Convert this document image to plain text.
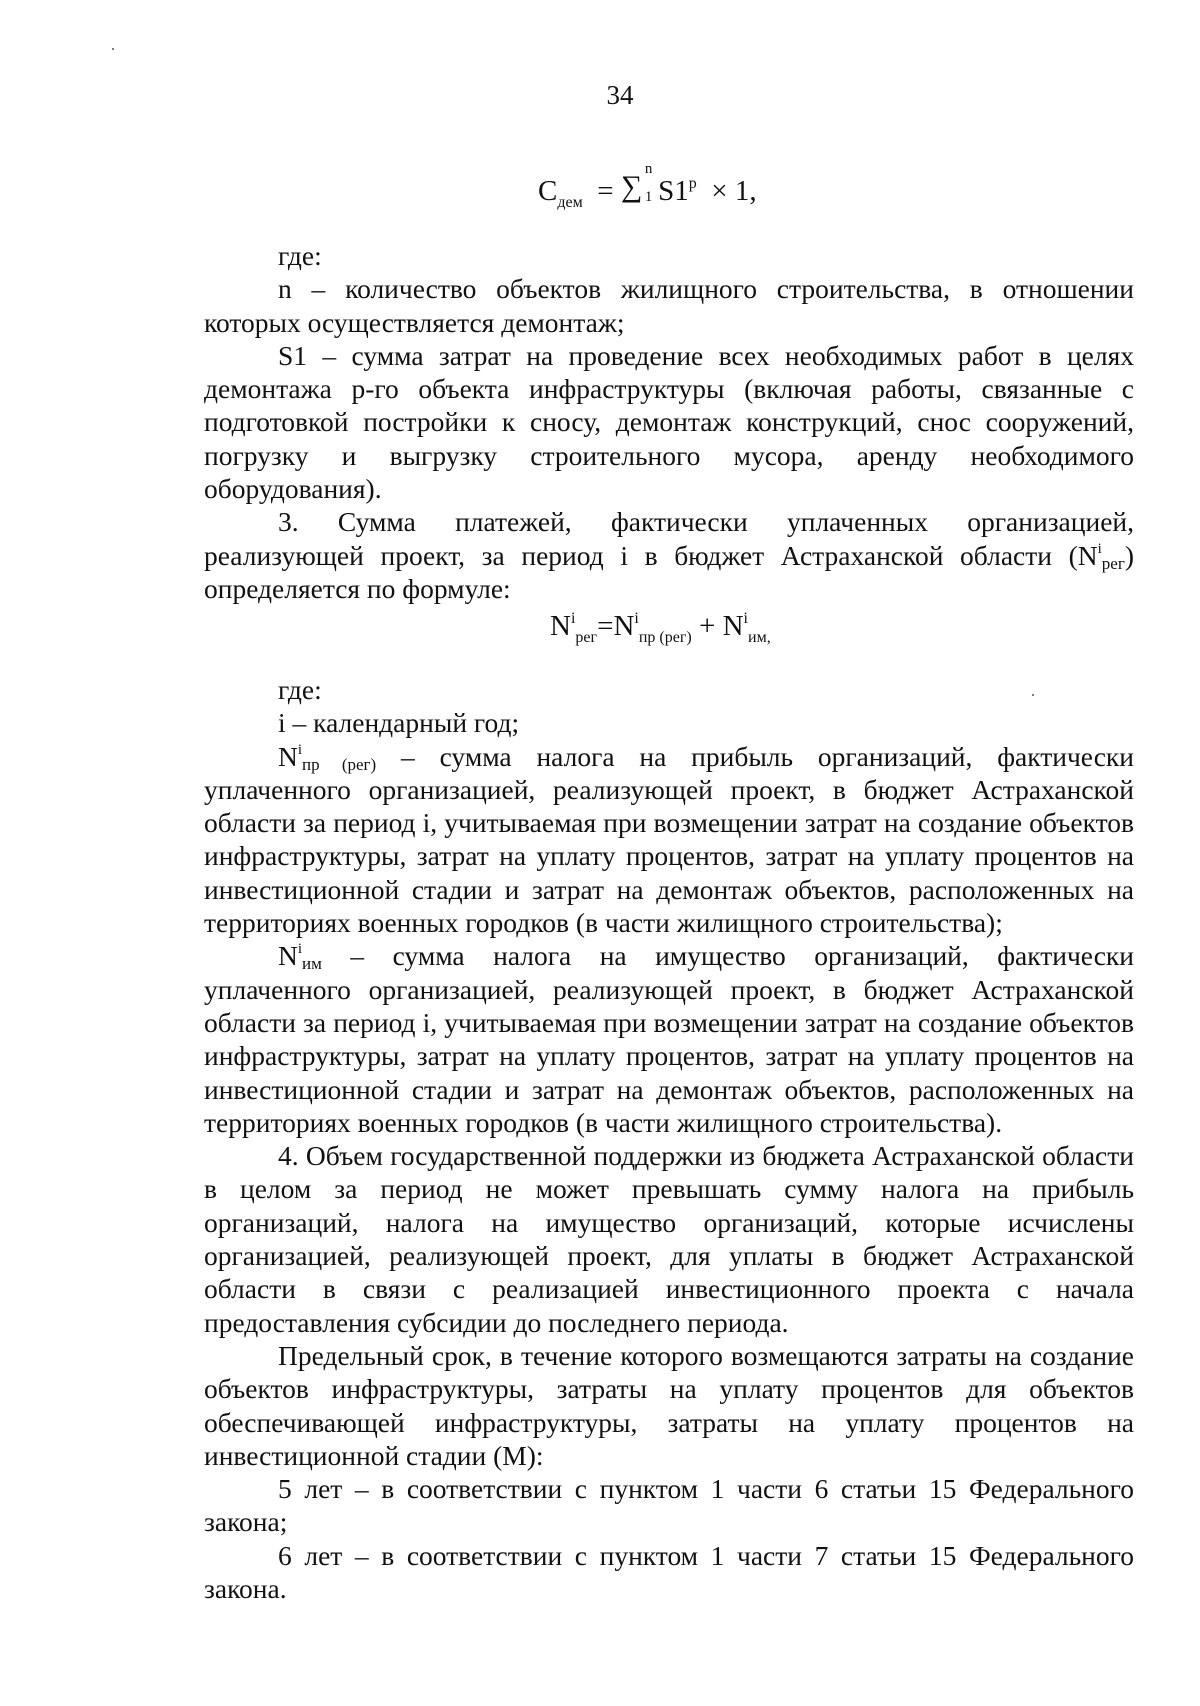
34
$С_{дем}$ = ∑
n
1 $S1^p \times 1$,

где:

n – количество объектов жилищного строительства, в отношении которых осуществляется демонтаж;

S1 – сумма затрат на проведение всех необходимых работ в целях демонтажа р-го объекта инфраструктуры (включая работы, связанные с подготовкой постройки к сносу, демонтаж конструкций, снос сооружений, погрузку и выгрузку строительного мусора, аренду необходимого оборудования).

3. Сумма платежей, фактически уплаченных организацией, реализующей проект, за период i в бюджет Астраханской области $(N^i_{рег})$ определяется по формуле:

$N^i_{рег}=N^i_{пр (рег)} + N^i_{им,}$

где:

i – календарный год;

$N^i_{пр (рег)}$ – сумма налога на прибыль организаций, фактически уплаченного организацией, реализующей проект, в бюджет Астраханской области за период i, учитываемая при возмещении затрат на создание объектов инфраструктуры, затрат на уплату процентов, затрат на уплату процентов на инвестиционной стадии и затрат на демонтаж объектов, расположенных на территориях военных городков (в части жилищного строительства);

$N^i_{им}$ – сумма налога на имущество организаций, фактически уплаченного организацией, реализующей проект, в бюджет Астраханской области за период i, учитываемая при возмещении затрат на создание объектов инфраструктуры, затрат на уплату процентов, затрат на уплату процентов на инвестиционной стадии и затрат на демонтаж объектов, расположенных на территориях военных городков (в части жилищного строительства).

4. Объем государственной поддержки из бюджета Астраханской области в целом за период не может превышать сумму налога на прибыль организаций, налога на имущество организаций, которые исчислены организацией, реализующей проект, для уплаты в бюджет Астраханской области в связи с реализацией инвестиционного проекта с начала предоставления субсидии до последнего периода.

Предельный срок, в течение которого возмещаются затраты на создание объектов инфраструктуры, затраты на уплату процентов для объектов обеспечивающей инфраструктуры, затраты на уплату процентов на инвестиционной стадии (М):

5 лет – в соответствии с пунктом 1 части 6 статьи 15 Федерального закона;

6 лет – в соответствии с пунктом 1 части 7 статьи 15 Федерального закона.
